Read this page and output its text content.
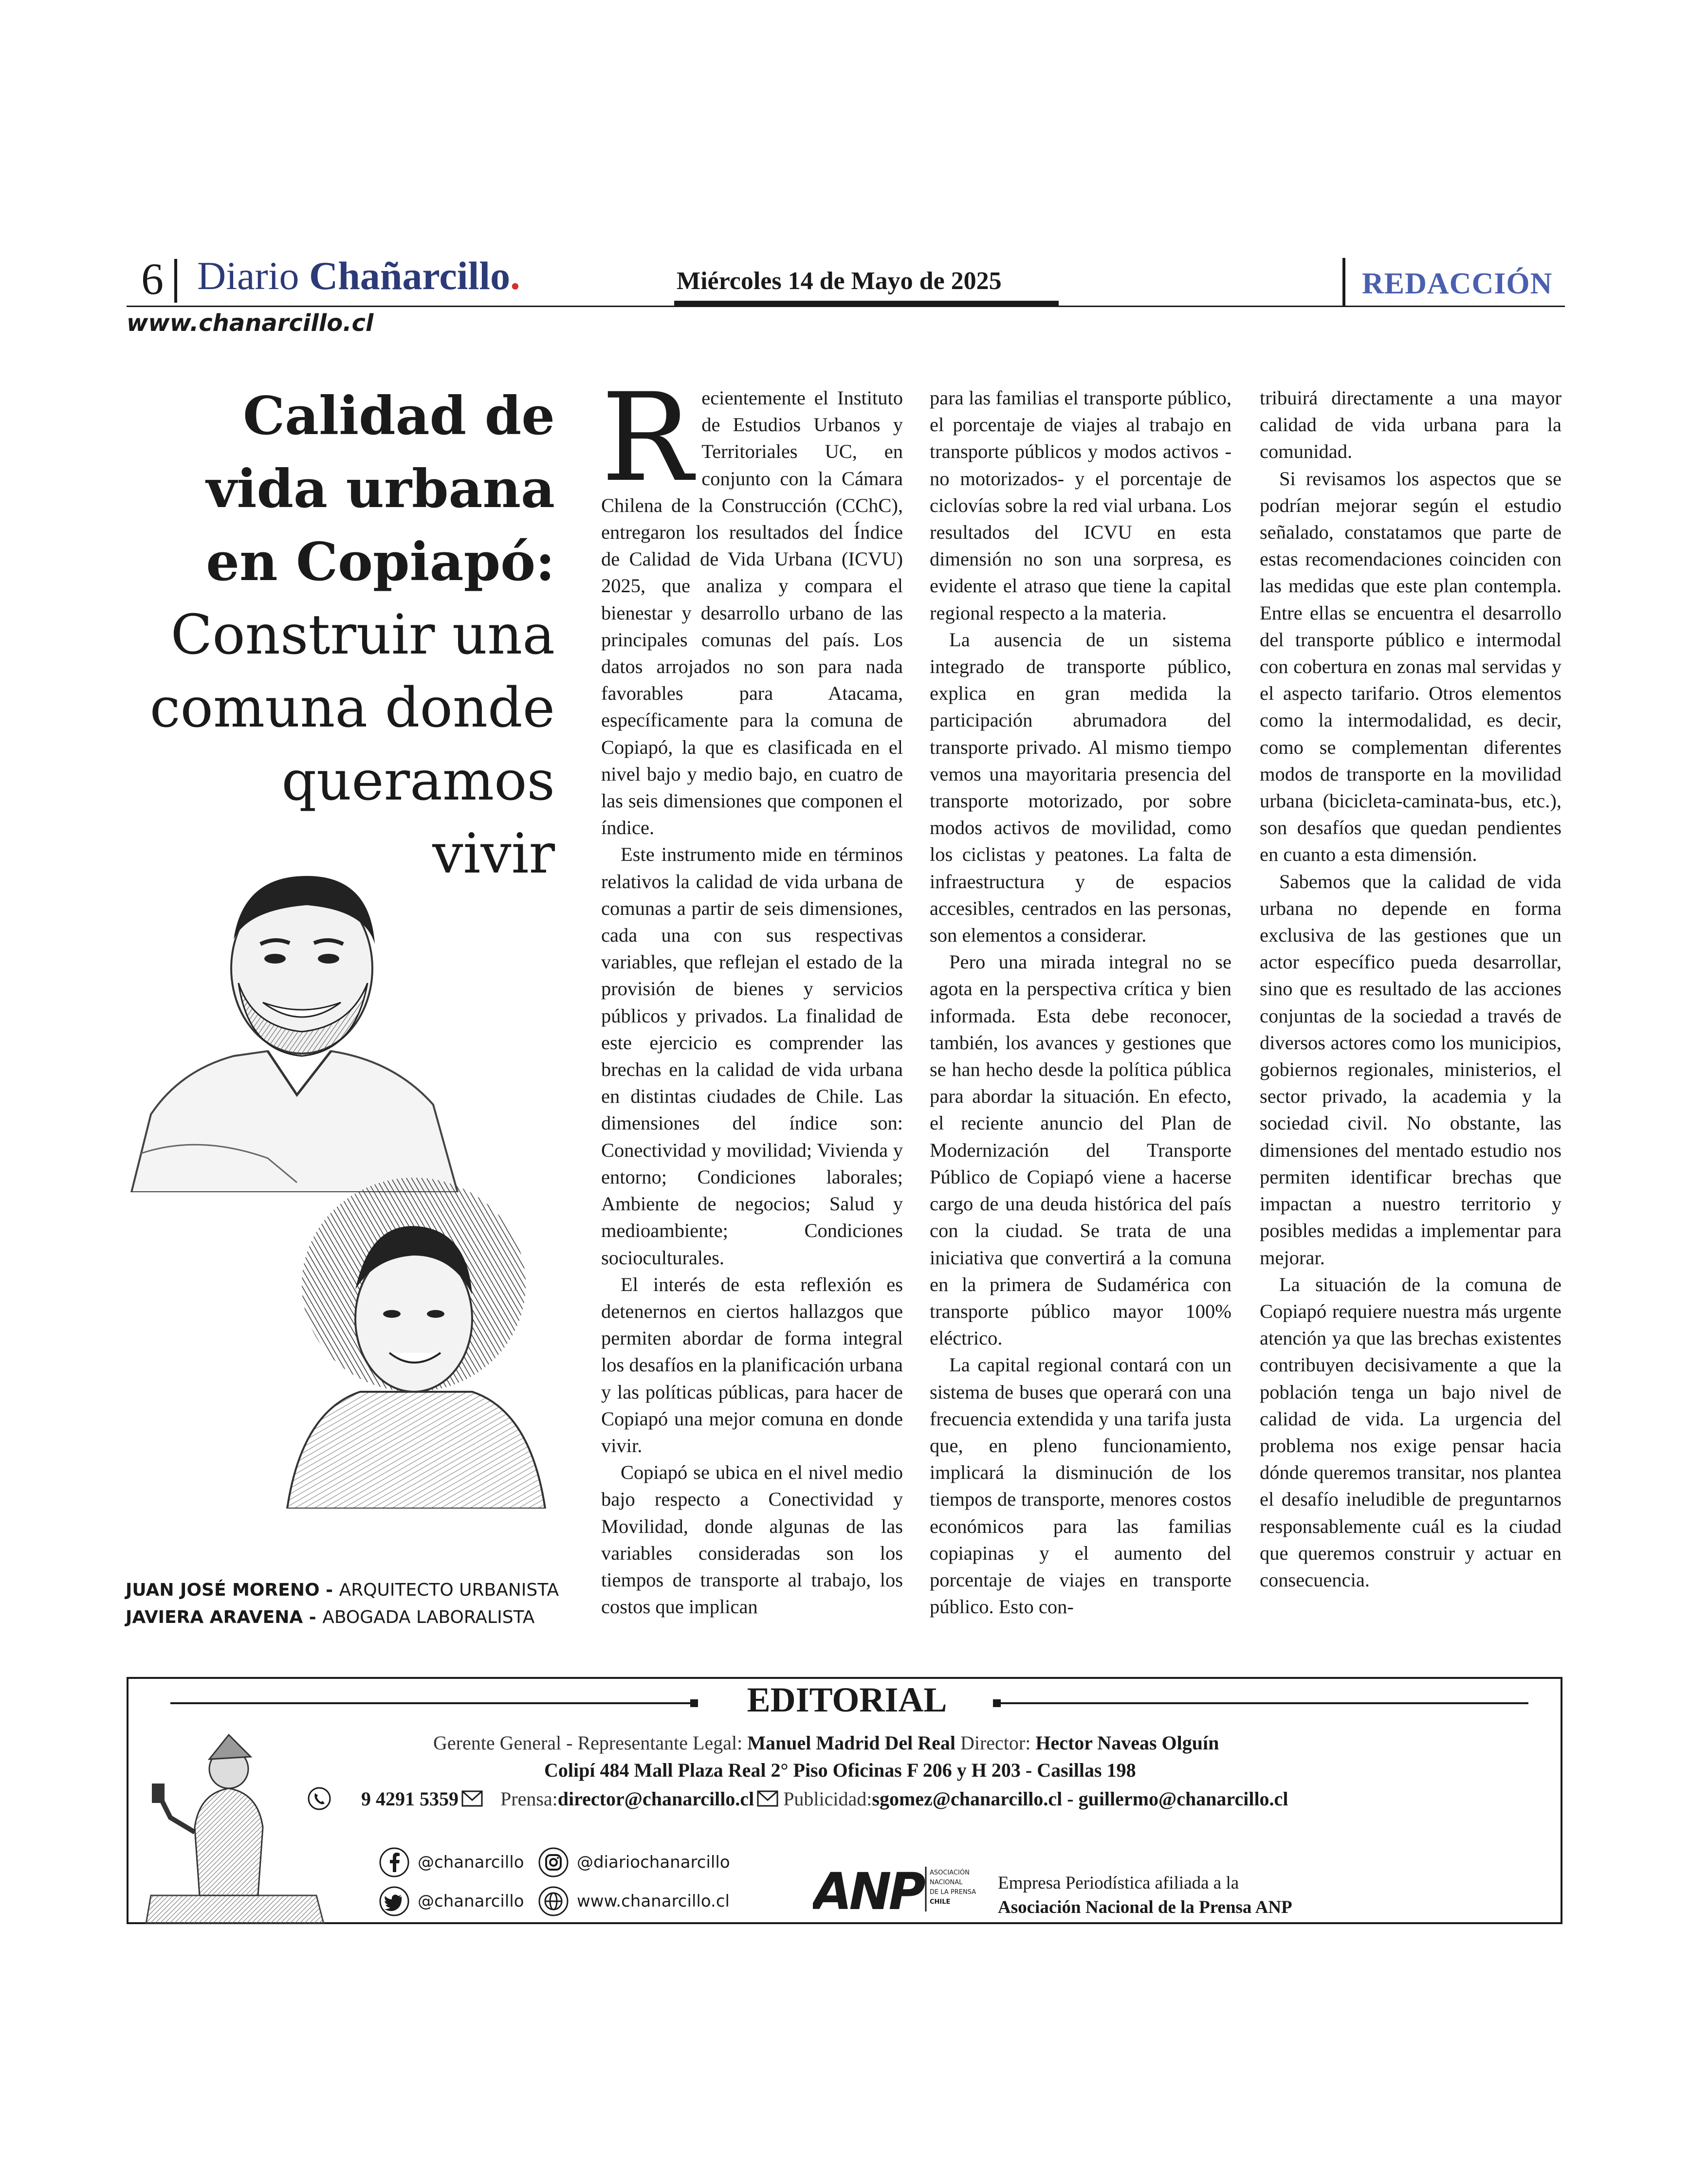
6 Diario Chañarcillo.	Miércoles 14 de Mayo de 2025	REDACCIÓN
www.chanarcillo.cl
Calidad de
vida urbana
en Copiapó:
Construir una
comuna donde
queramos
vivir
JUAN JOSÉ MORENO - ARQUITECTO URBANISTA
JAVIERA ARAVENA - ABOGADA LABORALISTA
R ecientemente el Instituto de Estudios Urbanos y Territoriales UC, en conjunto con la Cámara Chilena de la Construcción (CChC), entregaron los resultados del Índice de Calidad de Vida Urbana (ICVU) 2025, que analiza y compara el bienestar y desarrollo urbano de las principales comunas del país. Los datos arrojados no son para nada favorables para Atacama, específicamente para la comuna de Copiapó, la que es clasificada en el nivel bajo y medio bajo, en cuatro de las seis dimensiones que componen el índice.

Este instrumento mide en términos relativos la calidad de vida urbana de comunas a partir de seis dimensiones, cada una con sus respectivas variables, que reflejan el estado de la provisión de bienes y servicios públicos y privados. La finalidad de este ejercicio es comprender las brechas en la calidad de vida urbana en distintas ciudades de Chile. Las dimensiones del índice son: Conectividad y movilidad; Vivienda y entorno; Condiciones laborales; Ambiente de negocios; Salud y medioambiente; Condiciones socioculturales.

El interés de esta reflexión es detenernos en ciertos hallazgos que permiten abordar de forma integral los desafíos en la planificación urbana y las políticas públicas, para hacer de Copiapó una mejor comuna en donde vivir.

Copiapó se ubica en el nivel medio bajo respecto a Conectividad y Movilidad, donde algunas de las variables consideradas son los tiempos de transporte al trabajo, los costos que implican

para las familias el transporte público, el porcentaje de viajes al trabajo en transporte públicos y modos activos -no motorizados- y el porcentaje de ciclovías sobre la red vial urbana. Los resultados del ICVU en esta dimensión no son una sorpresa, es evidente el atraso que tiene la capital regional respecto a la materia.

La ausencia de un sistema integrado de transporte público, explica en gran medida la participación abrumadora del transporte privado. Al mismo tiempo vemos una mayoritaria presencia del transporte motorizado, por sobre modos activos de movilidad, como los ciclistas y peatones. La falta de infraestructura y de espacios accesibles, centrados en las personas, son elementos a considerar.

Pero una mirada integral no se agota en la perspectiva crítica y bien informada. Esta debe reconocer, también, los avances y gestiones que se han hecho desde la política pública para abordar la situación. En efecto, el reciente anuncio del Plan de Modernización del Transporte Público de Copiapó viene a hacerse cargo de una deuda histórica del país con la ciudad. Se trata de una iniciativa que convertirá a la comuna en la primera de Sudamérica con transporte público mayor 100% eléctrico.

La capital regional contará con un sistema de buses que operará con una frecuencia extendida y una tarifa justa que, en pleno funcionamiento, implicará la disminución de los tiempos de transporte, menores costos económicos para las familias copiapinas y el aumento del porcentaje de viajes en transporte público. Esto con-

tribuirá directamente a una mayor calidad de vida urbana para la comunidad.

Si revisamos los aspectos que se podrían mejorar según el estudio señalado, constatamos que parte de estas recomendaciones coinciden con las medidas que este plan contempla. Entre ellas se encuentra el desarrollo del transporte público e intermodal con cobertura en zonas mal servidas y el aspecto tarifario. Otros elementos como la intermodalidad, es decir, como se complementan diferentes modos de transporte en la movilidad urbana (bicicleta-caminata-bus, etc.), son desafíos que quedan pendientes en cuanto a esta dimensión.

Sabemos que la calidad de vida urbana no depende en forma exclusiva de las gestiones que un actor específico pueda desarrollar, sino que es resultado de las acciones conjuntas de la sociedad a través de diversos actores como los municipios, gobiernos regionales, ministerios, el sector privado, la academia y la sociedad civil. No obstante, las dimensiones del mentado estudio nos permiten identificar brechas que impactan a nuestro territorio y posibles medidas a implementar para mejorar.

La situación de la comuna de Copiapó requiere nuestra más urgente atención ya que las brechas existentes contribuyen decisivamente a que la población tenga un bajo nivel de calidad de vida. La urgencia del problema nos exige pensar hacia dónde queremos transitar, nos plantea el desafío ineludible de preguntarnos responsablemente cuál es la ciudad que queremos construir y actuar en consecuencia.

EDITORIAL
Gerente General - Representante Legal: Manuel Madrid Del Real Director: Hector Naveas Olguín
Colipí 484 Mall Plaza Real 2° Piso Oficinas F 206 y H 203 - Casillas 198
9 4291 5359 Prensa: director@chanarcillo.cl Publicidad: sgomez@chanarcillo.cl - guillermo@chanarcillo.cl
@chanarcillo	@diariochanarcillo
@chanarcillo	www.chanarcillo.cl ANP	ASOCIACIÓN
NACIONAL
DE LA PRENSA
CHILE
Empresa Periodística afiliada a la
Asociación Nacional de la Prensa ANP
